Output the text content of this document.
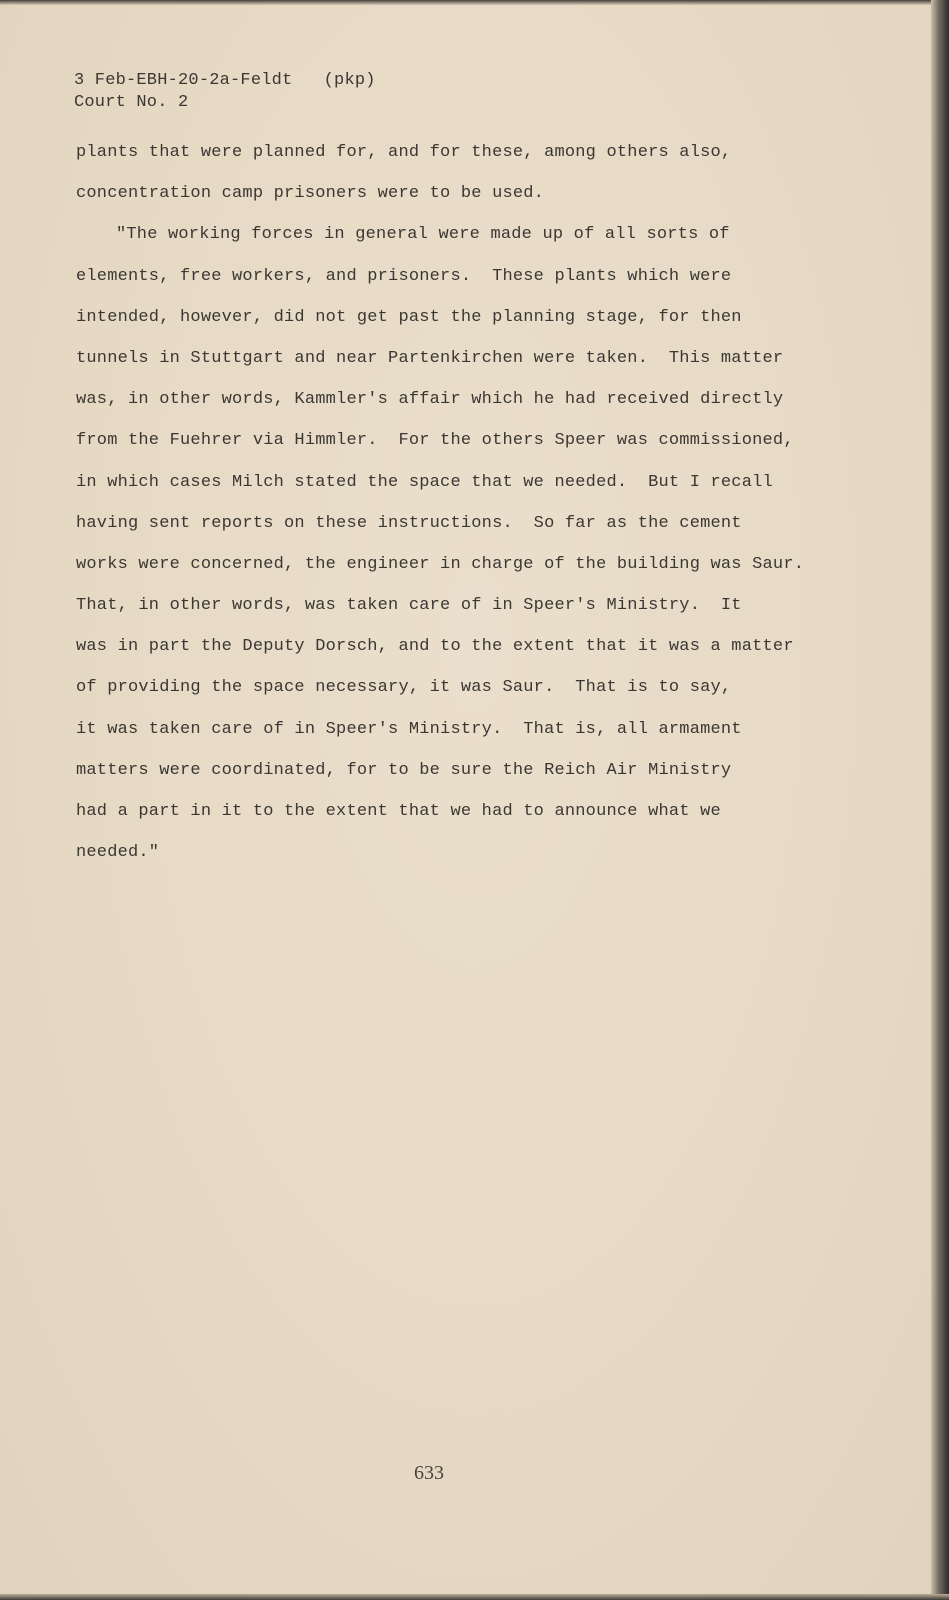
3 Feb-EBH-20-2a-Feldt   (pkp)
Court No. 2
plants that were planned for, and for these, among others also,
concentration camp prisoners were to be used.
"The working forces in general were made up of all sorts of
elements, free workers, and prisoners.  These plants which were
intended, however, did not get past the planning stage, for then
tunnels in Stuttgart and near Partenkirchen were taken.  This matter
was, in other words, Kammler's affair which he had received directly
from the Fuehrer via Himmler.  For the others Speer was commissioned,
in which cases Milch stated the space that we needed.  But I recall
having sent reports on these instructions.  So far as the cement
works were concerned, the engineer in charge of the building was Saur.
That, in other words, was taken care of in Speer's Ministry.  It
was in part the Deputy Dorsch, and to the extent that it was a matter
of providing the space necessary, it was Saur.  That is to say,
it was taken care of in Speer's Ministry.  That is, all armament
matters were coordinated, for to be sure the Reich Air Ministry
had a part in it to the extent that we had to announce what we
needed."
633
